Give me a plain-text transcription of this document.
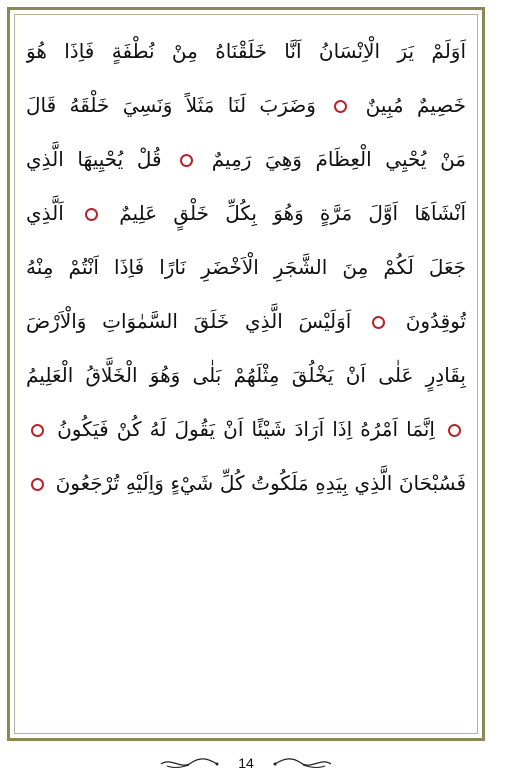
اَوَلَمْ يَرَ الْاِنْسَانُ اَنَّا خَلَقْنَاهُ مِنْ نُطْفَةٍ فَاِذَا هُوَ
خَصِيمٌ مُبِينٌ  وَضَرَبَ لَنَا مَثَلاً وَنَسِيَ خَلْقَهُ قَالَ
مَنْ يُحْيِي الْعِظَامَ وَهِيَ رَمِيمٌ  قُلْ يُحْيِيهَا الَّذِي
اَنْشَاَهَا اَوَّلَ مَرَّةٍ وَهُوَ بِكُلِّ خَلْقٍ عَلِيمٌ  اَلَّذِي
جَعَلَ لَكُمْ مِنَ الشَّجَرِ الْاَخْضَرِ نَارًا فَاِذَا اَنْتُمْ مِنْهُ
تُوقِدُونَ  اَوَلَيْسَ الَّذِي خَلَقَ السَّمٰوَاتِ وَالْاَرْضَ
بِقَادِرٍ عَلٰى اَنْ يَخْلُقَ مِثْلَهُمْ بَلٰى وَهُوَ الْخَلَّاقُ الْعَلِيمُ
اِنَّمَا اَمْرُهُ اِذَا اَرَادَ شَيْئًا اَنْ يَقُولَ لَهُ كُنْ فَيَكُونُ
فَسُبْحَانَ الَّذِي بِيَدِهِ مَلَكُوتُ كُلِّ شَيْءٍ وَاِلَيْهِ تُرْجَعُونَ
14
